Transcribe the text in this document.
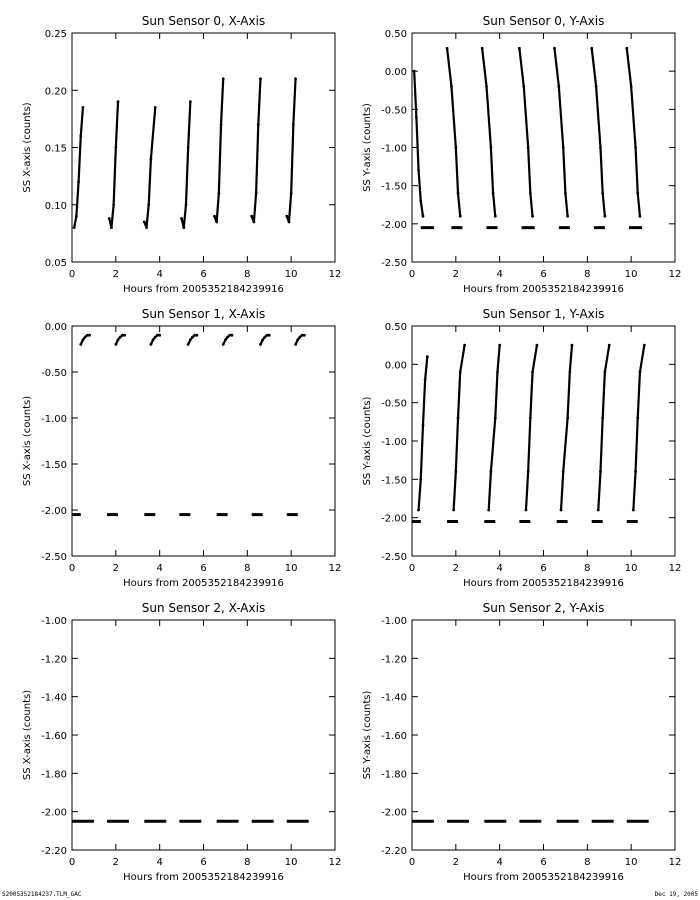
Sun Sensor 0, X-Axis
Hours from 2005352184239916
SS X-axis (counts)
0	2	4	6	8	10	12
0.05
0.10
0.15
0.20
0.25
Sun Sensor 0, Y-Axis
Hours from 2005352184239916
SS Y-axis (counts)
0	2	4	6	8	10	12
-2.50
-2.00
-1.50
-1.00
-0.50
0.00
0.50
Sun Sensor 1, X-Axis
Hours from 2005352184239916
SS X-axis (counts)
0	2	4	6	8	10	12
-2.50
-2.00
-1.50
-1.00
-0.50
0.00
Sun Sensor 1, Y-Axis
Hours from 2005352184239916
SS Y-axis (counts)
0	2	4	6	8	10	12
-2.50
-2.00
-1.50
-1.00
-0.50
0.00
0.50
Sun Sensor 2, X-Axis
Hours from 2005352184239916
SS X-axis (counts)
0	2	4	6	8	10	12
-2.20
-2.00
-1.80
-1.60
-1.40
-1.20
-1.00
Sun Sensor 2, Y-Axis
Hours from 2005352184239916
SS Y-axis (counts)
0	2	4	6	8	10	12
-2.20
-2.00
-1.80
-1.60
-1.40
-1.20
-1.00
S2005352184237.TLM_GAC	Dec 19, 2005
